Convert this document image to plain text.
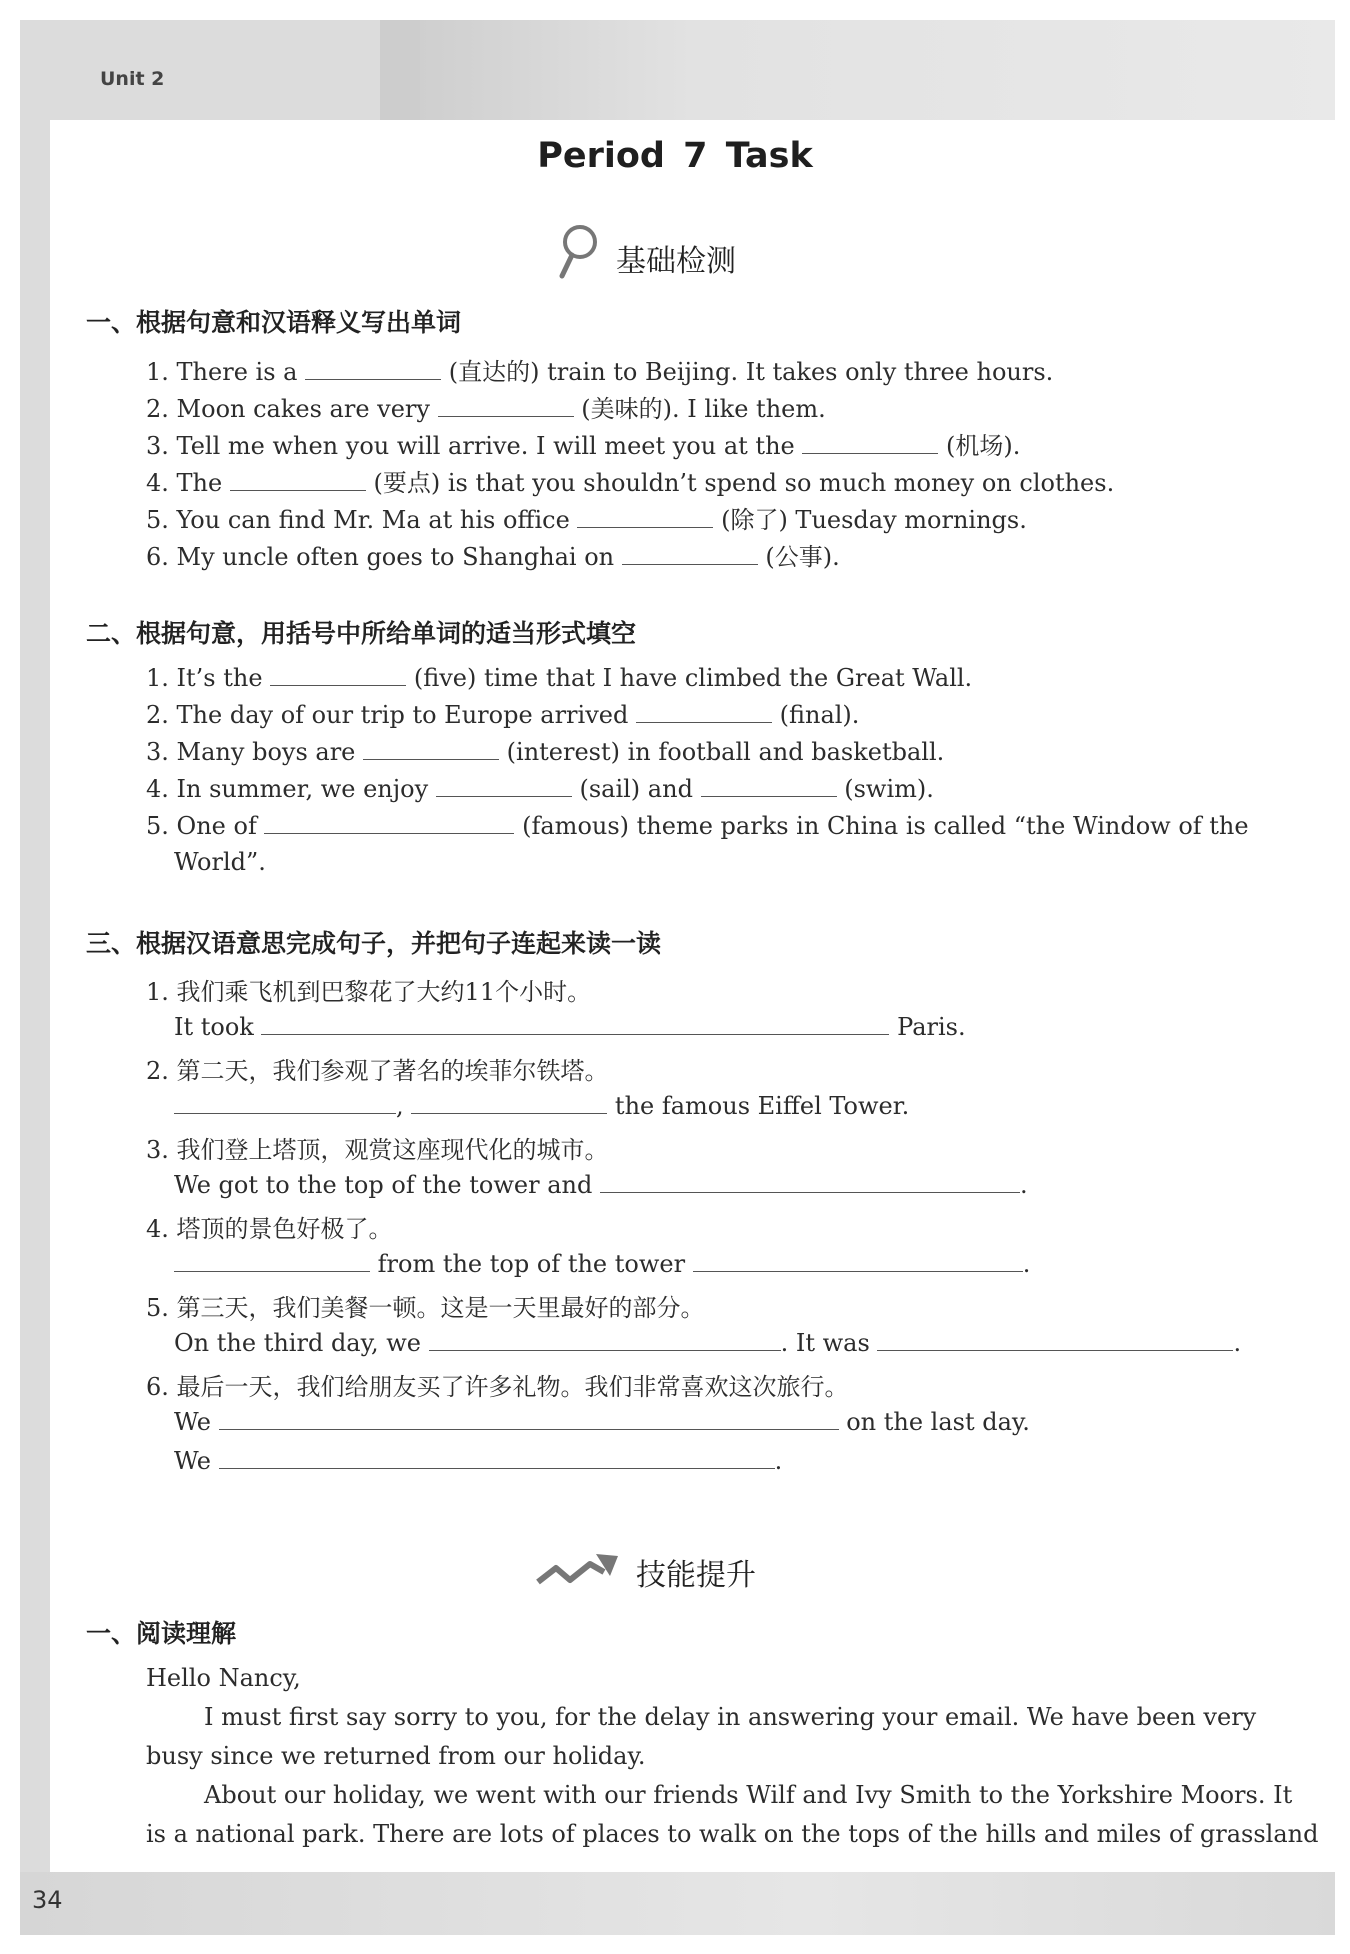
Unit 2
34
Period 7 Task
基础检测
一、根据句意和汉语释义写出单词
1. There is a	(直达的) train to Beijing. It takes only three hours.
2. Moon cakes are very	(美味的). I like them.
3. Tell me when you will arrive. I will meet you at the	(机场).
4. The	(要点) is that you shouldn’t spend so much money on clothes.
5. You can find Mr. Ma at his office	(除了) Tuesday mornings.
6. My uncle often goes to Shanghai on	(公事).
二、根据句意，用括号中所给单词的适当形式填空
1. It’s the	(five) time that I have climbed the Great Wall.
2. The day of our trip to Europe arrived	(final).
3. Many boys are	(interest) in football and basketball.
4. In summer, we enjoy	(sail) and	(swim).
5. One of	(famous) theme parks in China is called “the Window of the
World”.
三、根据汉语意思完成句子，并把句子连起来读一读
1. 我们乘飞机到巴黎花了大约11个小时。
It took	Paris.
2. 第二天，我们参观了著名的埃菲尔铁塔。
,	the famous Eiffel Tower.
3. 我们登上塔顶，观赏这座现代化的城市。
We got to the top of the tower and	.
4. 塔顶的景色好极了。
from the top of the tower	.
5. 第三天，我们美餐一顿。这是一天里最好的部分。
On the third day, we	. It was	.
6. 最后一天，我们给朋友买了许多礼物。我们非常喜欢这次旅行。
We	on the last day.
We	.
技能提升
一、阅读理解
Hello Nancy,
I must first say sorry to you, for the delay in answering your email. We have been very
busy since we returned from our holiday.
About our holiday, we went with our friends Wilf and Ivy Smith to the Yorkshire Moors. It
is a national park. There are lots of places to walk on the tops of the hills and miles of grassland
